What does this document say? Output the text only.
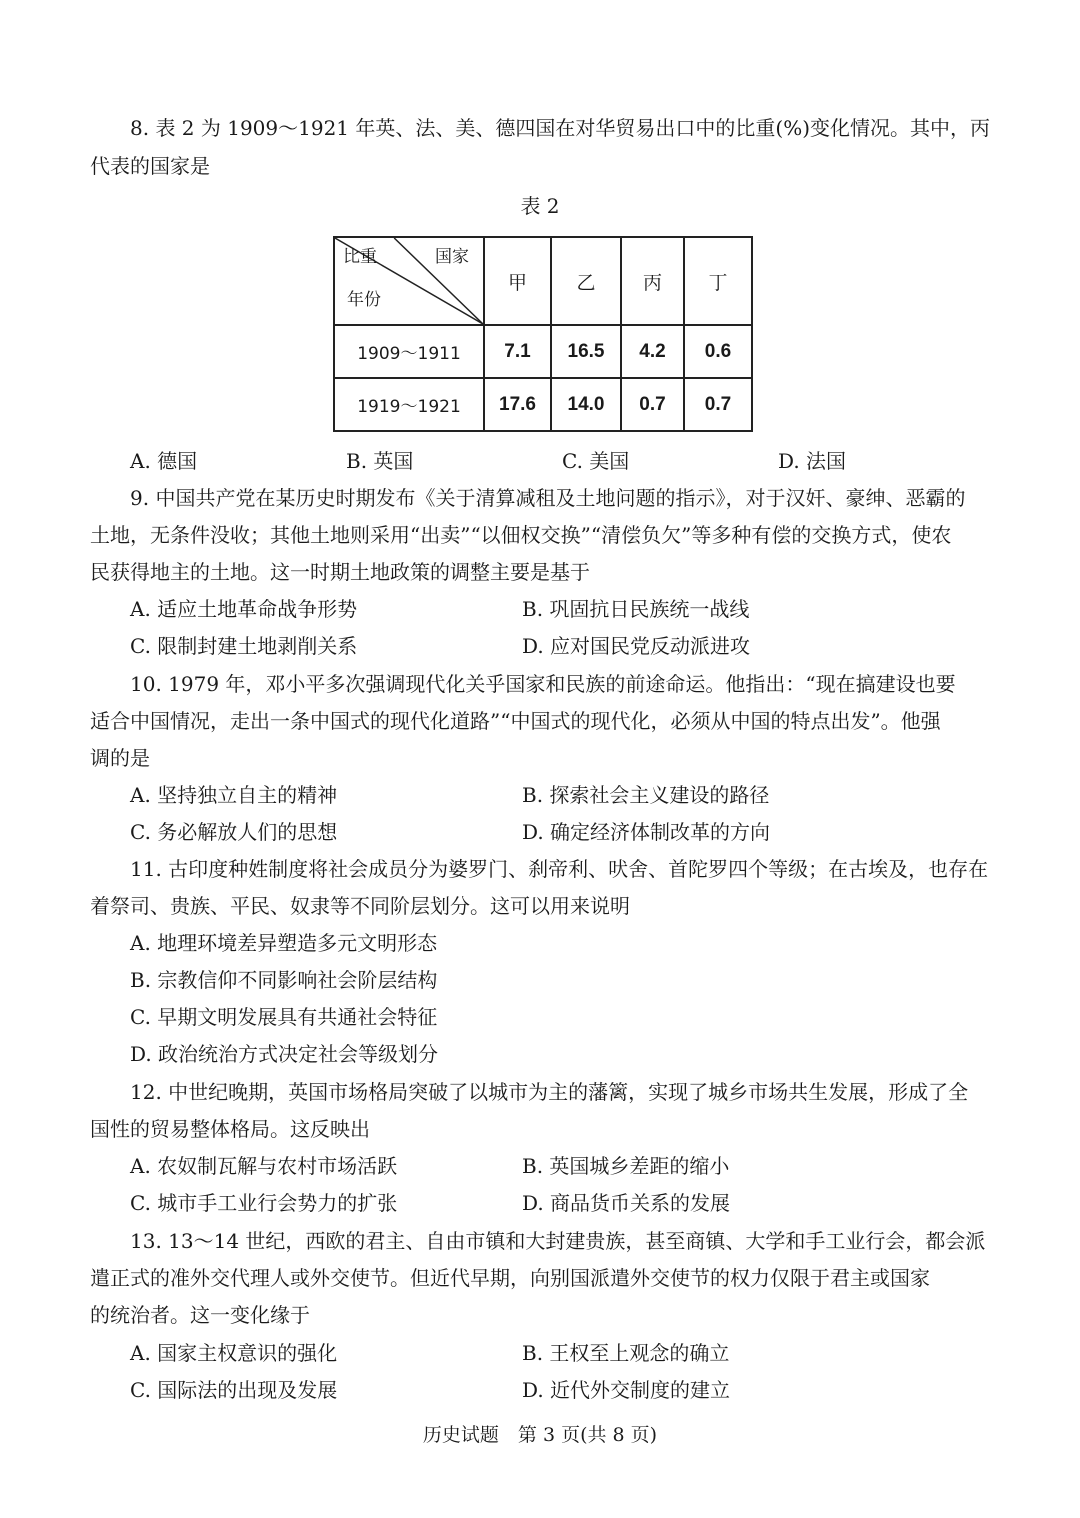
8. 表 2 为 1909～1921 年英、法、美、德四国在对华贸易出口中的比重(%)变化情况。其中，丙
代表的国家是
表 2
比重 国家
年份	甲	乙	丙	丁
1909～1911	7.1	16.5	4.2	0.6
1919～1921	17.6	14.0	0.7	0.7
A. 德国	B. 英国	C. 美国	D. 法国
9. 中国共产党在某历史时期发布《关于清算减租及土地问题的指示》，对于汉奸、豪绅、恶霸的
土地，无条件没收；其他土地则采用“出卖”“以佃权交换”“清偿负欠”等多种有偿的交换方式，使农
民获得地主的土地。这一时期土地政策的调整主要是基于
A. 适应土地革命战争形势	B. 巩固抗日民族统一战线
C. 限制封建土地剥削关系	D. 应对国民党反动派进攻
10. 1979 年，邓小平多次强调现代化关乎国家和民族的前途命运。他指出：“现在搞建设也要
适合中国情况，走出一条中国式的现代化道路”“中国式的现代化，必须从中国的特点出发”。他强
调的是
A. 坚持独立自主的精神	B. 探索社会主义建设的路径
C. 务必解放人们的思想	D. 确定经济体制改革的方向
11. 古印度种姓制度将社会成员分为婆罗门、刹帝利、吠舍、首陀罗四个等级；在古埃及，也存在
着祭司、贵族、平民、奴隶等不同阶层划分。这可以用来说明
A. 地理环境差异塑造多元文明形态
B. 宗教信仰不同影响社会阶层结构
C. 早期文明发展具有共通社会特征
D. 政治统治方式决定社会等级划分
12. 中世纪晚期，英国市场格局突破了以城市为主的藩篱，实现了城乡市场共生发展，形成了全
国性的贸易整体格局。这反映出
A. 农奴制瓦解与农村市场活跃	B. 英国城乡差距的缩小
C. 城市手工业行会势力的扩张	D. 商品货币关系的发展
13. 13～14 世纪，西欧的君主、自由市镇和大封建贵族，甚至商镇、大学和手工业行会，都会派
遣正式的准外交代理人或外交使节。但近代早期，向别国派遣外交使节的权力仅限于君主或国家
的统治者。这一变化缘于
A. 国家主权意识的强化	B. 王权至上观念的确立
C. 国际法的出现及发展	D. 近代外交制度的建立
历史试题　第 3 页(共 8 页)
